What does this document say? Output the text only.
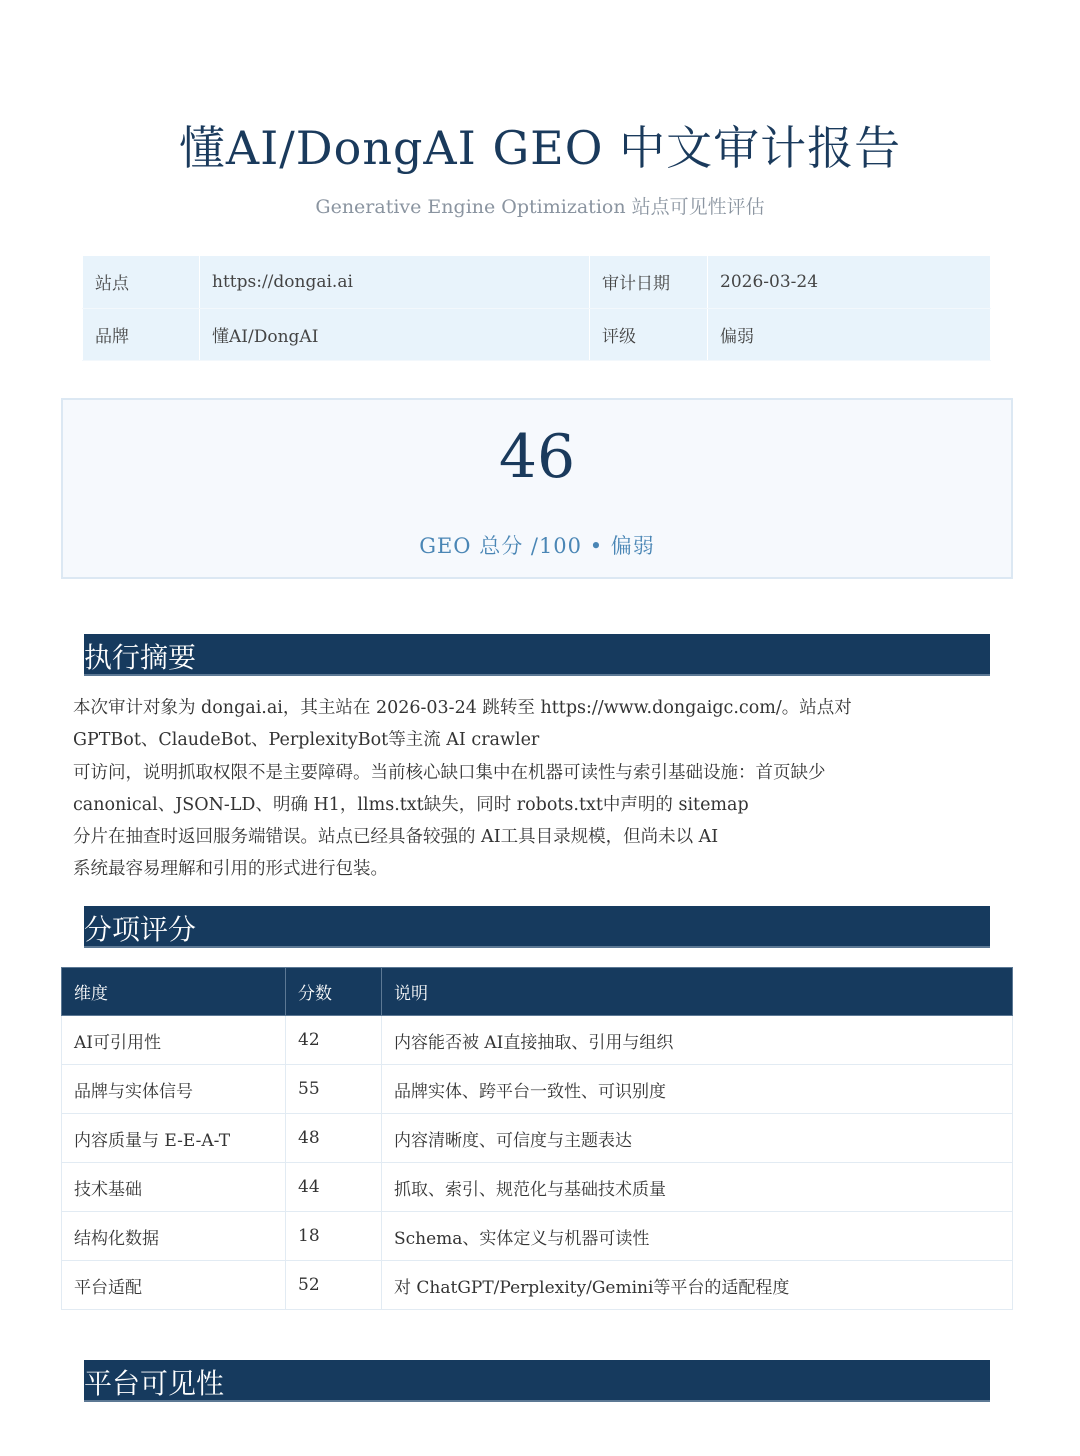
懂AI/DongAI GEO 中文审计报告
Generative Engine Optimization 站点可见性评估
站点	https://dongai.ai	审计日期	2026-03-24
品牌	懂AI/DongAI	评级	偏弱
46
GEO 总分 /100 • 偏弱
执行摘要
本次审计对象为 dongai.ai，其主站在 2026-03-24 跳转至 https://www.dongaigc.com/。站点对
GPTBot、ClaudeBot、PerplexityBot等主流 AI crawler
可访问，说明抓取权限不是主要障碍。当前核心缺口集中在机器可读性与索引基础设施：首页缺少
canonical、JSON-LD、明确 H1，llms.txt缺失，同时 robots.txt中声明的 sitemap
分片在抽查时返回服务端错误。站点已经具备较强的 AI工具目录规模，但尚未以 AI
系统最容易理解和引用的形式进行包装。
分项评分
维度	分数	说明
AI可引用性	42	内容能否被 AI直接抽取、引用与组织
品牌与实体信号	55	品牌实体、跨平台一致性、可识别度
内容质量与 E-E-A-T	48	内容清晰度、可信度与主题表达
技术基础	44	抓取、索引、规范化与基础技术质量
结构化数据	18	Schema、实体定义与机器可读性
平台适配	52	对 ChatGPT/Perplexity/Gemini等平台的适配程度
平台可见性
